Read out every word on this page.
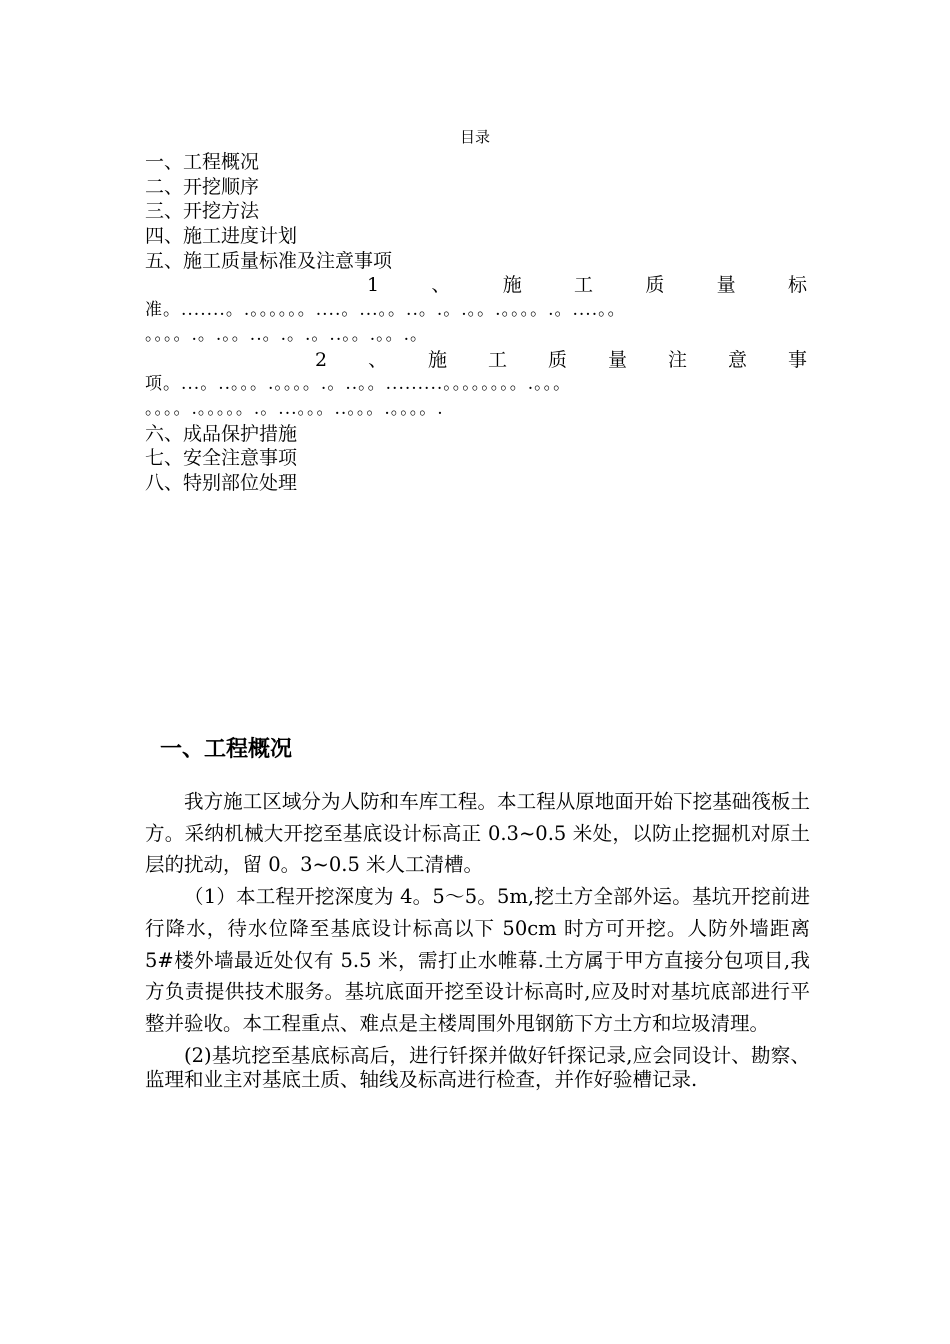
目录
一、工程概况
二、开挖顺序
三、开挖方法
四、施工进度计划
五、施工质量标准及注意事项
1	、	施	工	质	量	标
准。.......。.。。。。。。....。...。。..。.。.。。.。。。。.。....。。
。。。。.。.。。..。.。.。..。。.。。.。
2 、 施 工 质 量 注 意 事
项。...。..。。。.。。。。.。..。。.........。。。。。。。。.。。。
。。。。.。。。。。.。...。。。..。。。.。。。。.
六、成品保护措施
七、安全注意事项
八、特别部位处理
一、工程概况

我方施工区域分为人防和车库工程。本工程从原地面开始下挖基础筏板土方。采纳机械大开挖至基底设计标高正 0.3~0.5 米处，以防止挖掘机对原土层的扰动，留 0。3~0.5 米人工清槽。

（1）本工程开挖深度为 4。5～5。5m,挖土方全部外运。基坑开挖前进行降水，待水位降至基底设计标高以下 50cm 时方可开挖。人防外墙距离 5#楼外墙最近处仅有 5.5 米，需打止水帷幕.土方属于甲方直接分包项目,我方负责提供技术服务。基坑底面开挖至设计标高时,应及时对基坑底部进行平整并验收。本工程重点、难点是主楼周围外甩钢筋下方土方和垃圾清理。

(2)基坑挖至基底标高后，进行钎探并做好钎探记录,应会同设计、勘察、监理和业主对基底土质、轴线及标高进行检查，并作好验槽记录.
